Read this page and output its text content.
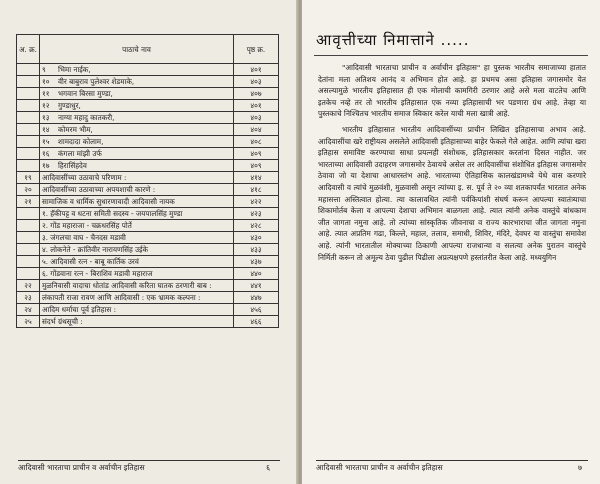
अ. क्र.	पाठाचे नाव	पृष्ठ क्र.
	९ भिमा नाईक,	४०१
	१० वीर बाबुराव पुलेश्वर शेडमाके,	४०३
	११ भगवान बिरसा मुण्डा,	४०७
	१२ गुण्डाधुर,	४०१
	१३ नाग्या महादु कातकरी,	४०३
	१४ कोमरम भीम,	४०४
	१५ शामदादा कोलाम,	४०८
	१६ कंगला मांझी उर्फ	४०९
	१७ हिरासिंहदेव	४०९
१९	आदिवासींच्या उठावाचे परिणाम :	४१४
२०	आदिवासींच्या उठावाच्या अपयशाची कारणे :	४१८
२१	सामाजिक व धार्मिक सुधारणावादी आदिवासी नायक	४२२
	१. हॅकीपट्ट व धटना समिती सदस्य - जयपालसिंह मुण्डा	४२३
	२. गोंड महाराजा - चक्रधरसिंह पोर्ते	४२८
	३. जंगलचा वाघ - चैनदस मडावी	४३०
	४. लोकनेते - क्रांतिवीर नारायणसिंह उईके	४३३
	५. आदिवासी रत्न - बाबू कार्तिक उरवं	४३७
	६. गोंडवाना रत्न - बिराशिव मडावी महाराज	४४०
२२	मुळनिवासी वादाचा धोतांड आदिवासी करिता घातक ठरणारी बाब :	४४१
२३	लंकापती राजा रावण आणि आदिवासी : एक भ्रामक कल्पना :	४४७
२४	आदिम धर्माचा पूर्व इतिहास :	४५६
२५	संदर्भ ग्रंथसूची :	४६६
आदिवासी भारताचा प्राचीन व अर्वाचीन इतिहास	६
आवृत्तीच्या निमात्ताने .....

"आदिवासी भारताचा प्राचीन व अर्वाचीन इतिहास" हा पुस्तक भारतीय समाजाच्या हातात देतांना मला अतिशय आनंद व अभिमान होत आहे. हा प्रथमच असा इतिहास जगासमोर येत असल्यामुळे भारतीय इतिहासात ही एक मोलाची कामगिरी ठरणार आहे असे मला वाटतेच आणि इतकेच नव्हे तर तो भारतीय इतिहासात एक नव्या इतिहासाची भर पडणारा ग्रंथ आहे. तेव्हा या पुस्तकाचे निश्चितच भारतीय समाज स्विकार करेल याची मला खात्री आहे.

भारतीय इतिहासात भारतीय आदिवासींच्या प्राचीन लिखित इतिहासाचा अभाव आहे. आदिवासींचा खरे राष्ट्रीयत्व असलेले आदिवासी इतिहासाच्या बाहेर फेकले गेले आहेत. आणि त्यांचा खरा इतिहास समाविष्ट करण्याचा साधा प्रयत्नही संशोधक, इतिहासकार करतांना दिसत नाहीत. जर भारताच्या आदिवासी उदाहरण जगासमोर ठेवायचे असेल तर आदिवासींचा संशोधित इतिहास जगासमोर ठेवावा जो या देशाचा आधारस्तंभ आहे. भारताच्या ऐतिहासिक कालखंडामध्ये येथे वास करणारे आदिवासी व त्यांचे मुळवंशी, मुळवासी असून त्यांच्या इ. स. पूर्व ते २० व्या शतकापर्यंत भारतात अनेक महासत्ता अस्तित्वात होत्या. त्या कालावधित त्यांनी पर्वकियांशी संघर्ष करून आपल्या स्वातंत्र्याचा शिकामोर्तब केला व आपल्या देशाचा अभिमान बाळगला आहे. त्यात त्यांनी अनेक वास्तुंचे बांधकाम जीत जागता नमुना आहे. तो त्यांच्या सांस्कृतिक जीवनाचा व राज्य कारभाराचा जीत जागता नमुना आहे. त्यात अप्रतिम गढा, किल्ले, महाल, तलाव, समाधी, शिविर, मंदिरे, देवघर या वास्तुंचा समावेश आहे. त्यांनी भारतातील मोक्याच्या ठिकाणी आपल्या राजधान्या व सलत्या अनेक पुरातन वास्तुंचे निर्मिती करून तो अमूल्य ठेवा पुढील पिढीला अप्रत्यक्षपणे हस्तांतरीत केला आहे. मध्ययुगिन

आदिवासी भारताचा प्राचीन व अर्वाचीन इतिहास	७
